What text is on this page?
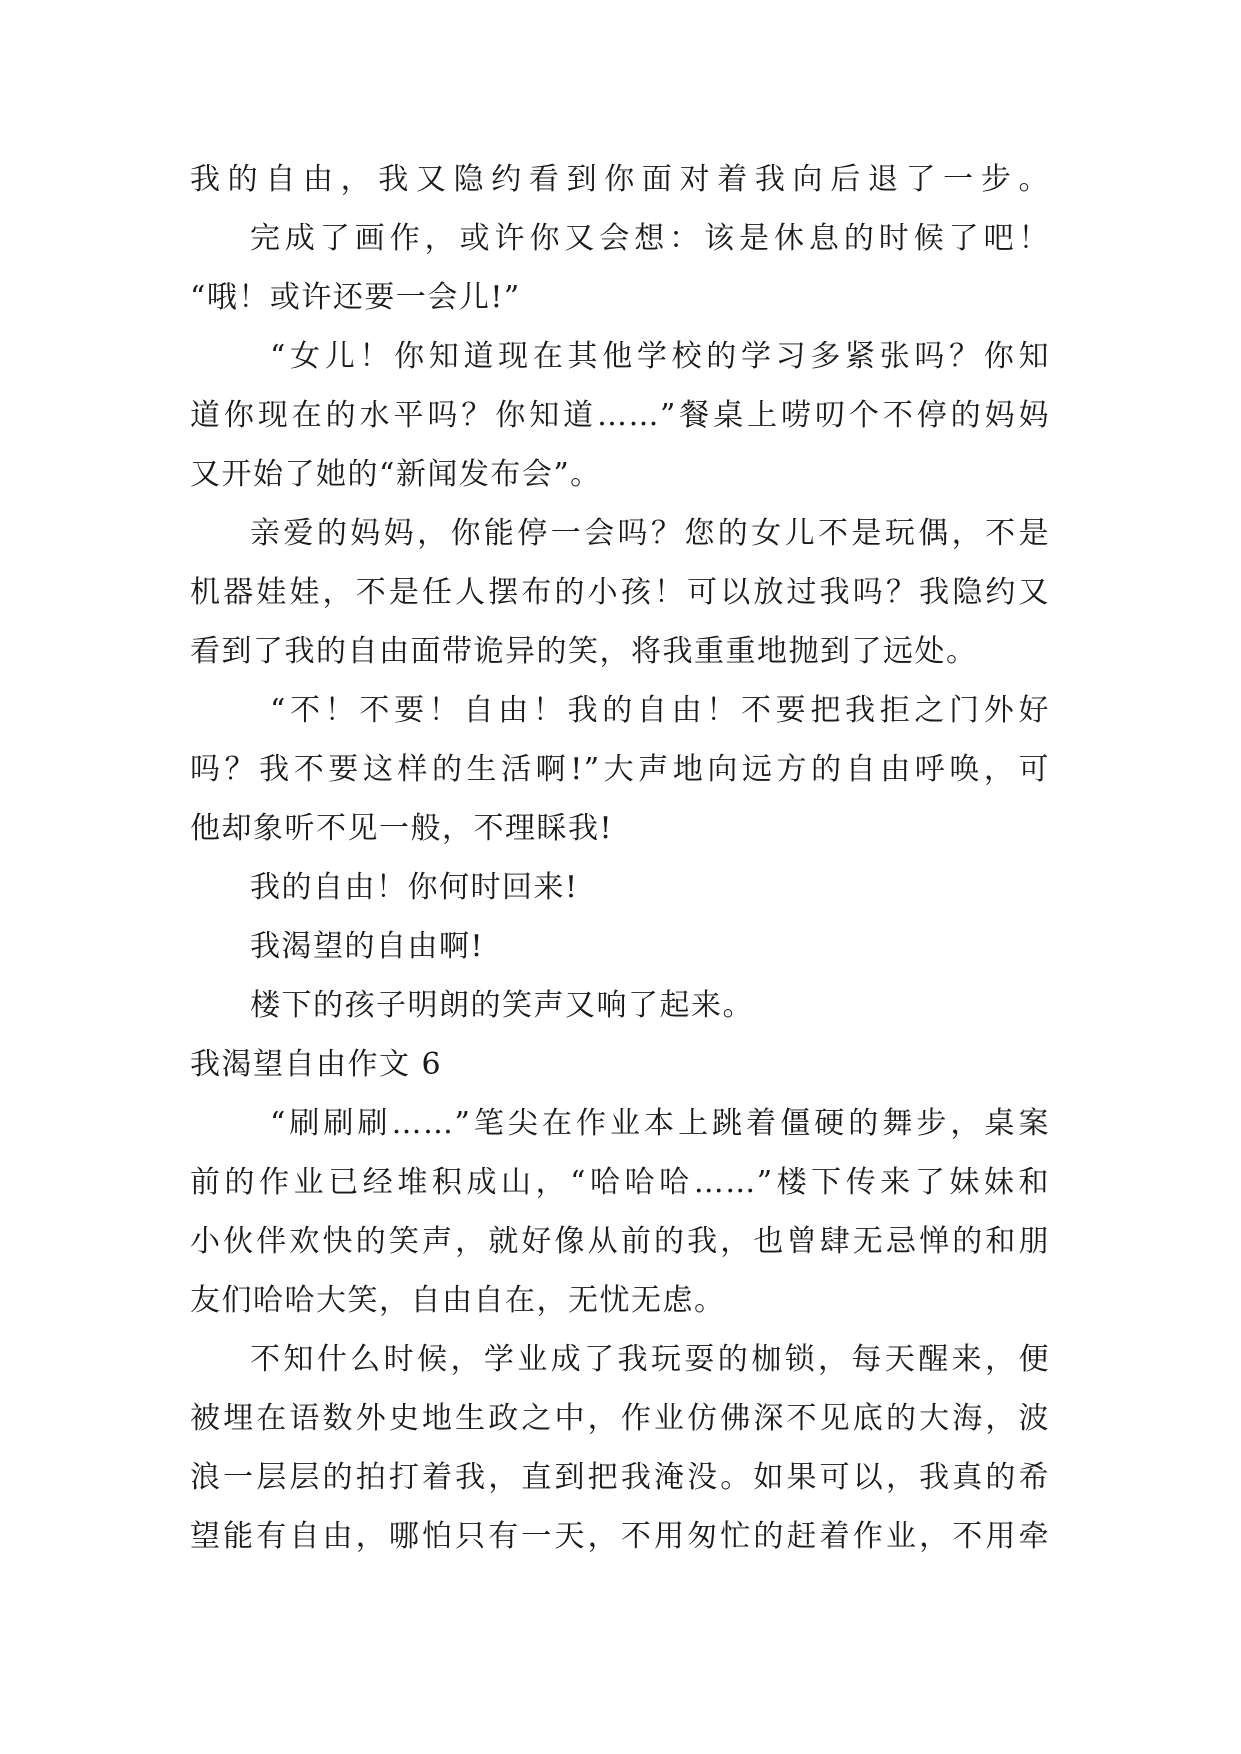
我的自由，我又隐约看到你面对着我向后退了一步。
完成了画作，或许你又会想：该是休息的时候了吧！
“哦！或许还要一会儿!”
“女儿！你知道现在其他学校的学习多紧张吗？你知
道你现在的水平吗？你知道……”餐桌上唠叨个不停的妈妈
又开始了她的“新闻发布会”。
亲爱的妈妈，你能停一会吗？您的女儿不是玩偶，不是
机器娃娃，不是任人摆布的小孩！可以放过我吗？我隐约又
看到了我的自由面带诡异的笑，将我重重地抛到了远处。
“不！不要！自由！我的自由！不要把我拒之门外好
吗？我不要这样的生活啊!”大声地向远方的自由呼唤，可
他却象听不见一般，不理睬我!
我的自由！你何时回来!
我渴望的自由啊!
楼下的孩子明朗的笑声又响了起来。
我渴望自由作文 6
“刷刷刷……”笔尖在作业本上跳着僵硬的舞步，桌案
前的作业已经堆积成山，“哈哈哈……”楼下传来了妹妹和
小伙伴欢快的笑声，就好像从前的我，也曾肆无忌惮的和朋
友们哈哈大笑，自由自在，无忧无虑。
不知什么时候，学业成了我玩耍的枷锁，每天醒来，便
被埋在语数外史地生政之中，作业仿佛深不见底的大海，波
浪一层层的拍打着我，直到把我淹没。如果可以，我真的希
望能有自由，哪怕只有一天，不用匆忙的赶着作业，不用牵
